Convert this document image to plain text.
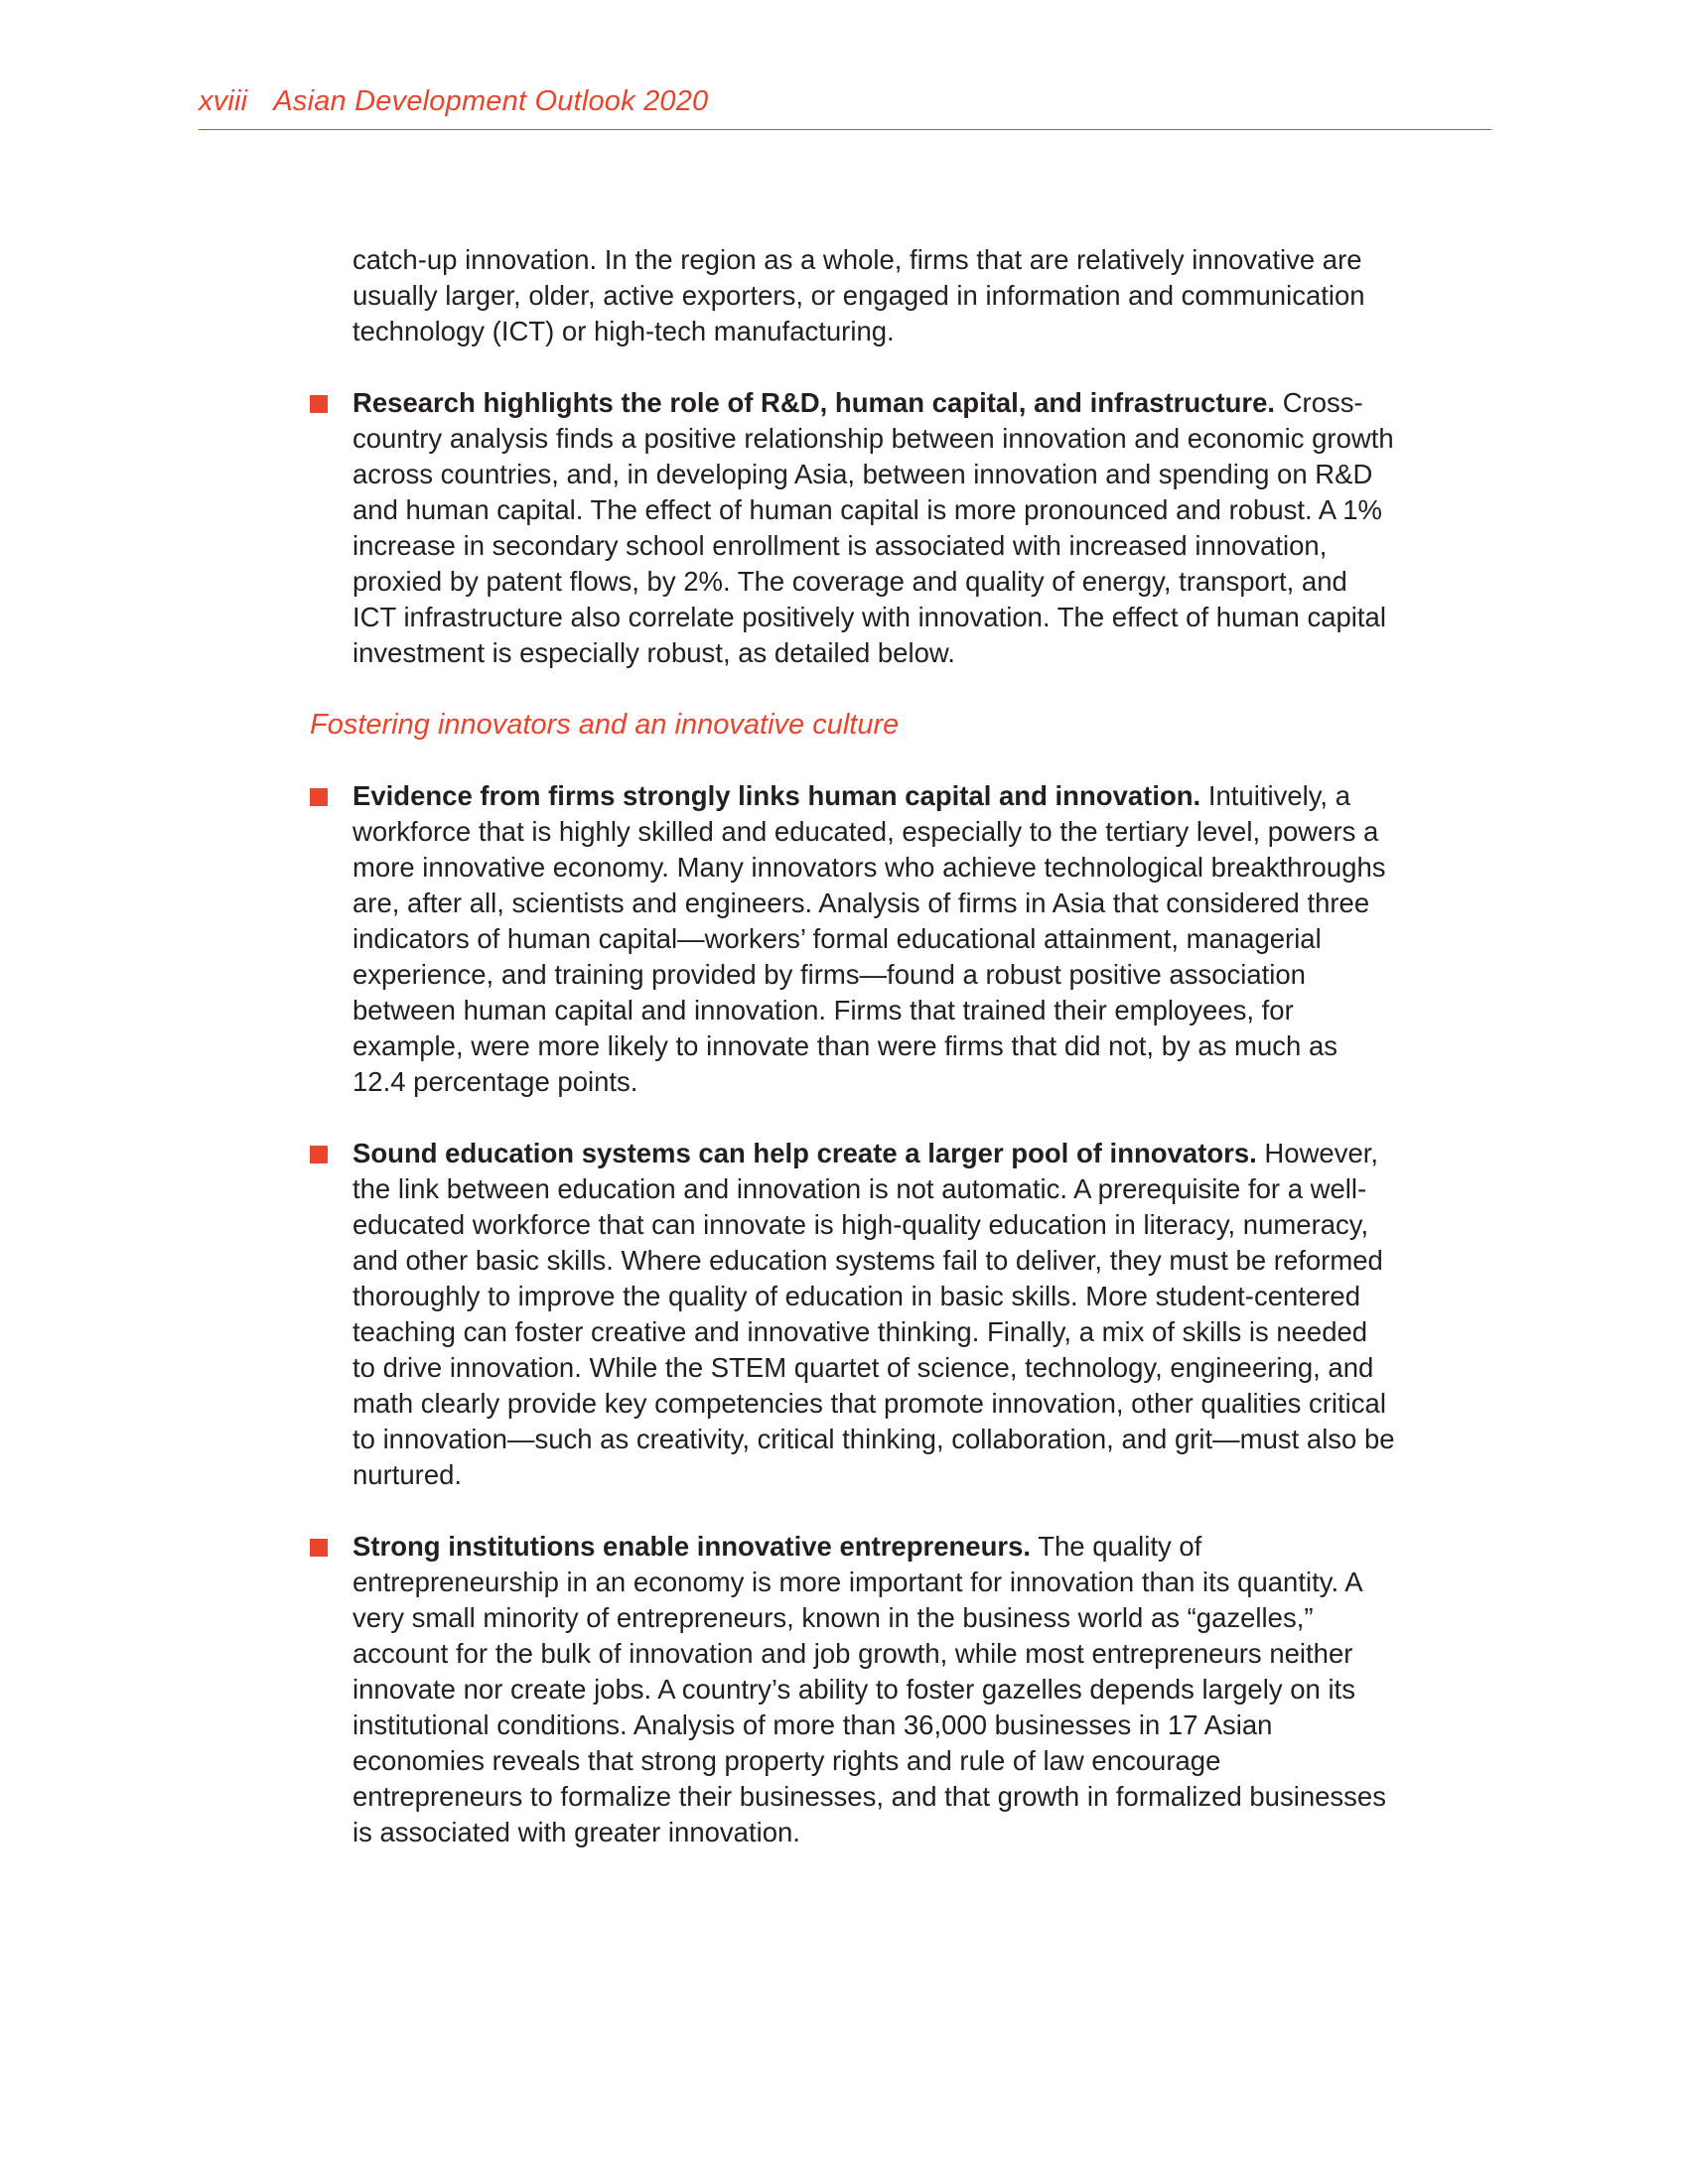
xviii Asian Development Outlook 2020

catch-up innovation. In the region as a whole, firms that are relatively innovative are usually larger, older, active exporters, or engaged in information and communication technology (ICT) or high-tech manufacturing.

Research highlights the role of R&D, human capital, and infrastructure. Cross-country analysis finds a positive relationship between innovation and economic growth across countries, and, in developing Asia, between innovation and spending on R&D and human capital. The effect of human capital is more pronounced and robust. A 1% increase in secondary school enrollment is associated with increased innovation, proxied by patent flows, by 2%. The coverage and quality of energy, transport, and ICT infrastructure also correlate positively with innovation. The effect of human capital investment is especially robust, as detailed below.

Fostering innovators and an innovative culture

Evidence from firms strongly links human capital and innovation. Intuitively, a workforce that is highly skilled and educated, especially to the tertiary level, powers a more innovative economy. Many innovators who achieve technological breakthroughs are, after all, scientists and engineers. Analysis of firms in Asia that considered three indicators of human capital—workers’ formal educational attainment, managerial experience, and training provided by firms—found a robust positive association between human capital and innovation. Firms that trained their employees, for example, were more likely to innovate than were firms that did not, by as much as 12.4 percentage points.

Sound education systems can help create a larger pool of innovators. However, the link between education and innovation is not automatic. A prerequisite for a well-educated workforce that can innovate is high-quality education in literacy, numeracy, and other basic skills. Where education systems fail to deliver, they must be reformed thoroughly to improve the quality of education in basic skills. More student-centered teaching can foster creative and innovative thinking. Finally, a mix of skills is needed to drive innovation. While the STEM quartet of science, technology, engineering, and math clearly provide key competencies that promote innovation, other qualities critical to innovation—such as creativity, critical thinking, collaboration, and grit—must also be nurtured.

Strong institutions enable innovative entrepreneurs. The quality of entrepreneurship in an economy is more important for innovation than its quantity. A very small minority of entrepreneurs, known in the business world as “gazelles,” account for the bulk of innovation and job growth, while most entrepreneurs neither innovate nor create jobs. A country’s ability to foster gazelles depends largely on its institutional conditions. Analysis of more than 36,000 businesses in 17 Asian economies reveals that strong property rights and rule of law encourage entrepreneurs to formalize their businesses, and that growth in formalized businesses is associated with greater innovation.
